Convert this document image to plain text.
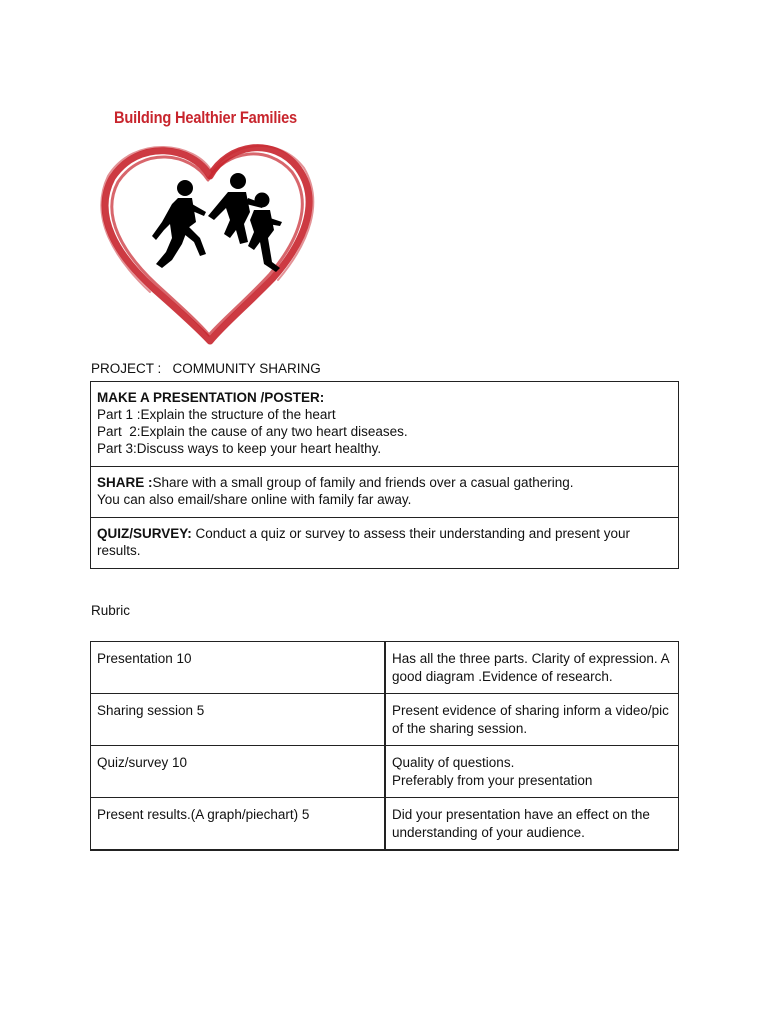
Building Healthier Families
PROJECT : COMMUNITY SHARING
MAKE A PRESENTATION /POSTER:
Part 1 :Explain the structure of the heart
Part  2:Explain the cause of any two heart diseases.
Part 3:Discuss ways to keep your heart healthy.

SHARE :Share with a small group of family and friends over a casual gathering.
You can also email/share online with family far away.

QUIZ/SURVEY: Conduct a quiz or survey to assess their understanding and present your results.
Rubric
Presentation 10	Has all the three parts. Clarity of expression. A good diagram .Evidence of research.
Sharing session 5	Present evidence of sharing inform a video/pic of the sharing session.
Quiz/survey 10	Quality of questions.
Preferably from your presentation

Present results.(A graph/piechart) 5	Did your presentation have an effect on the understanding of your audience.
